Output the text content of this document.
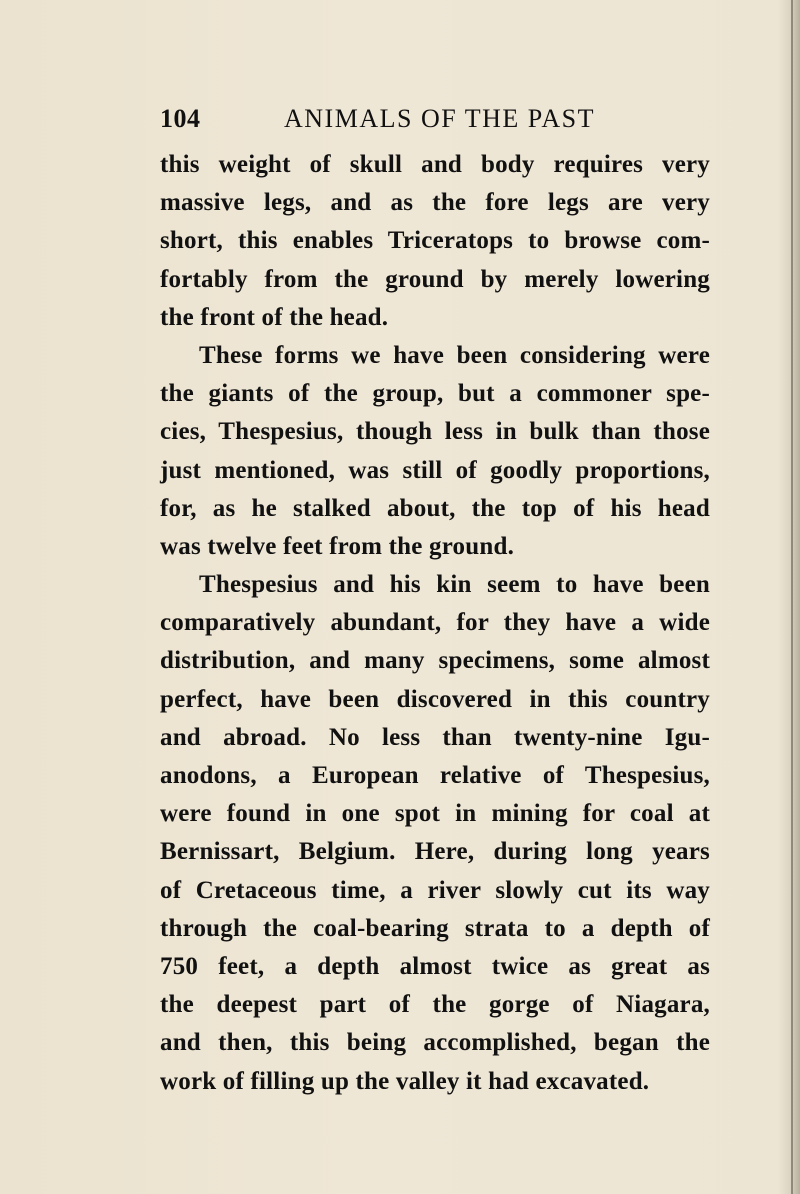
104	ANIMALS OF THE PAST
this weight of skull and body requires very
massive legs, and as the fore legs are very
short, this enables Triceratops to browse com-
fortably from the ground by merely lowering
the front of the head.
These forms we have been considering were
the giants of the group, but a commoner spe-
cies, Thespesius, though less in bulk than those
just mentioned, was still of goodly proportions,
for, as he stalked about, the top of his head
was twelve feet from the ground.
Thespesius and his kin seem to have been
comparatively abundant, for they have a wide
distribution, and many specimens, some almost
perfect, have been discovered in this country
and abroad. No less than twenty-nine Igu-
anodons, a European relative of Thespesius,
were found in one spot in mining for coal at
Bernissart, Belgium. Here, during long years
of Cretaceous time, a river slowly cut its way
through the coal-bearing strata to a depth of
750 feet, a depth almost twice as great as
the deepest part of the gorge of Niagara,
and then, this being accomplished, began the
work of filling up the valley it had excavated.
